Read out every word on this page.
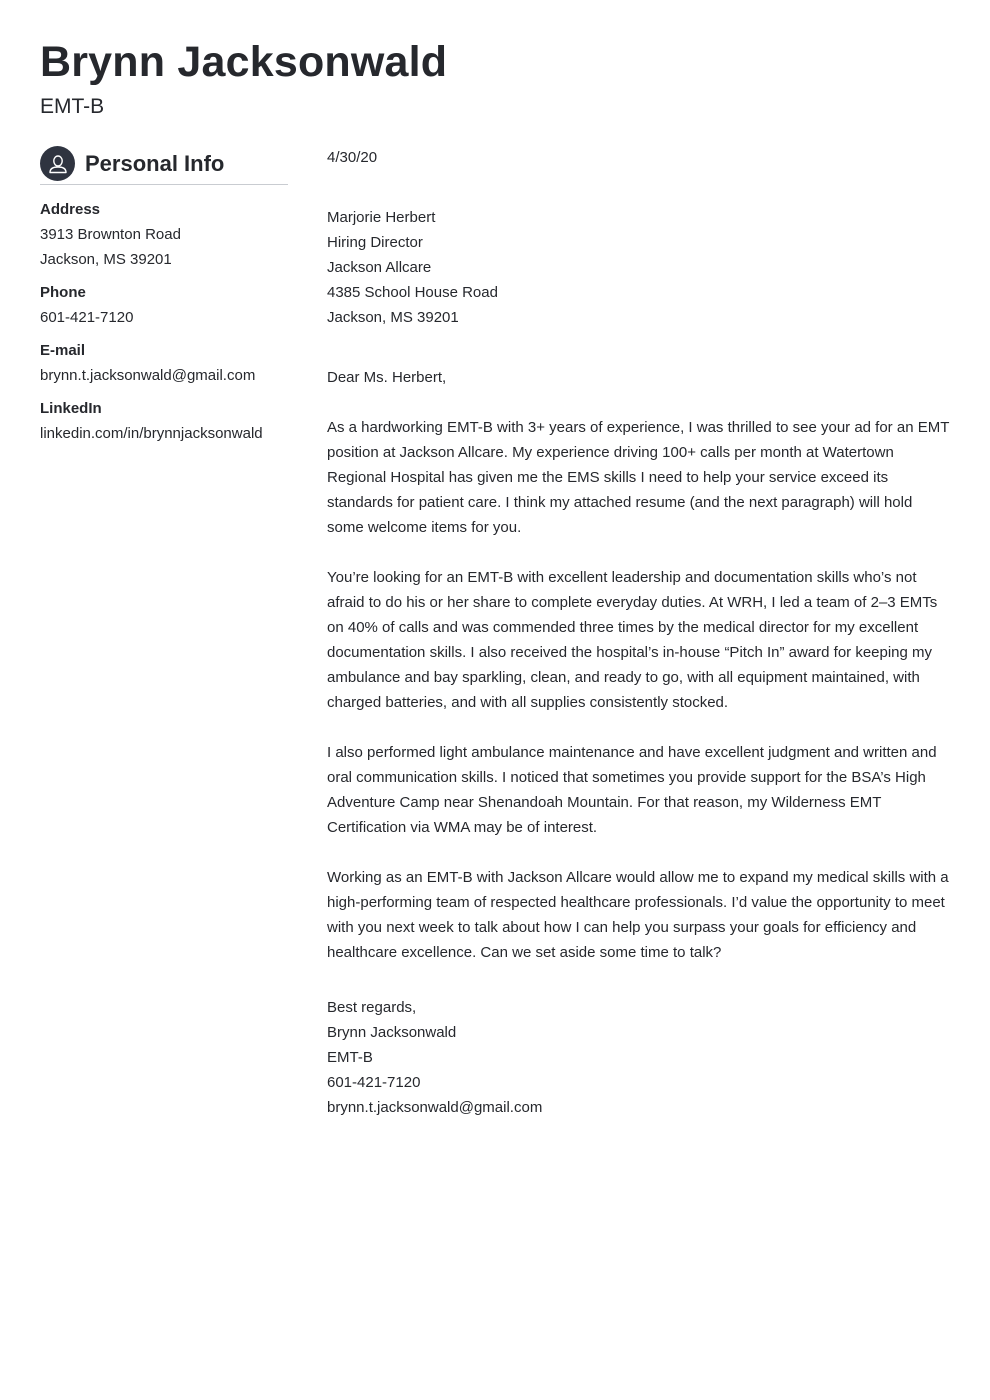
Brynn Jacksonwald
EMT-B
Personal Info
Address
3913 Brownton Road
Jackson, MS 39201
Phone
601-421-7120
E-mail
brynn.t.jacksonwald@gmail.com
LinkedIn
linkedin.com/in/brynnjacksonwald

4/30/20

Marjorie Herbert

Hiring Director

Jackson Allcare

4385 School House Road

Jackson, MS 39201

Dear Ms. Herbert,

As a hardworking EMT-B with 3+ years of experience, I was thrilled to see your ad for an EMT position at Jackson Allcare. My experience driving 100+ calls per month at Watertown Regional Hospital has given me the EMS skills I need to help your service exceed its standards for patient care. I think my attached resume (and the next paragraph) will hold some welcome items for you.

You’re looking for an EMT-B with excellent leadership and documentation skills who’s not afraid to do his or her share to complete everyday duties. At WRH, I led a team of 2–3 EMTs on 40% of calls and was commended three times by the medical director for my excellent documentation skills. I also received the hospital’s in-house “Pitch In” award for keeping my ambulance and bay sparkling, clean, and ready to go, with all equipment maintained, with charged batteries, and with all supplies consistently stocked.

I also performed light ambulance maintenance and have excellent judgment and written and oral communication skills. I noticed that sometimes you provide support for the BSA’s High Adventure Camp near Shenandoah Mountain. For that reason, my Wilderness EMT Certification via WMA may be of interest.

Working as an EMT-B with Jackson Allcare would allow me to expand my medical skills with a high-performing team of respected healthcare professionals. I’d value the opportunity to meet with you next week to talk about how I can help you surpass your goals for efficiency and healthcare excellence. Can we set aside some time to talk?

Best regards,

Brynn Jacksonwald

EMT-B

601-421-7120

brynn.t.jacksonwald@gmail.com
